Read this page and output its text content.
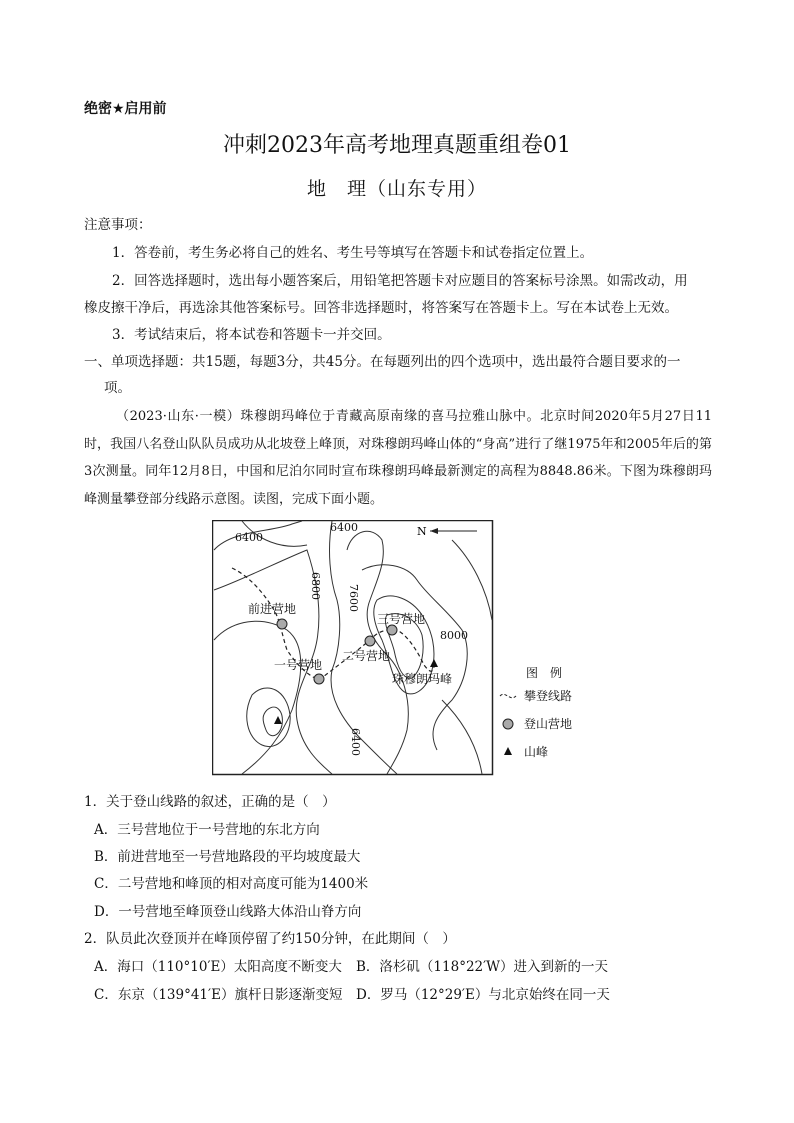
绝密★启用前
冲刺2023年高考地理真题重组卷01
地　理（山东专用）
注意事项：
1．答卷前，考生务必将自己的姓名、考生号等填写在答题卡和试卷指定位置上。
2．回答选择题时，选出每小题答案后，用铅笔把答题卡对应题目的答案标号涂黑。如需改动，用
橡皮擦干净后，再选涂其他答案标号。回答非选择题时，将答案写在答题卡上。写在本试卷上无效。
3．考试结束后，将本试卷和答题卡一并交回。
一、单项选择题：共15题，每题3分，共45分。在每题列出的四个选项中，选出最符合题目要求的一
项。
（2023·山东·一模）珠穆朗玛峰位于青藏高原南缘的喜马拉雅山脉中。北京时间2020年5月27日11时，我国八名登山队队员成功从北坡登上峰顶，对珠穆朗玛峰山体的“身高”进行了继1975年和2005年后的第3次测量。同年12月8日，中国和尼泊尔同时宣布珠穆朗玛峰最新测定的高程为8848.86米。下图为珠穆朗玛峰测量攀登部分线路示意图。读图，完成下面小题。
N
6400
6400
6800 7600
8000
6400
前进营地
一号营地
二号营地
三号营地
珠穆朗玛峰	图　例
攀登线路
登山营地
山峰
1．关于登山线路的叙述，正确的是（　）
A．三号营地位于一号营地的东北方向
B．前进营地至一号营地路段的平均坡度最大
C．二号营地和峰顶的相对高度可能为1400米
D．一号营地至峰顶登山线路大体沿山脊方向
2．队员此次登顶并在峰顶停留了约150分钟，在此期间（　）
A．海口（110°10′E）太阳高度不断变大 B．洛杉矶（118°22′W）进入到新的一天
C．东京（139°41′E）旗杆日影逐渐变短 D．罗马（12°29′E）与北京始终在同一天
